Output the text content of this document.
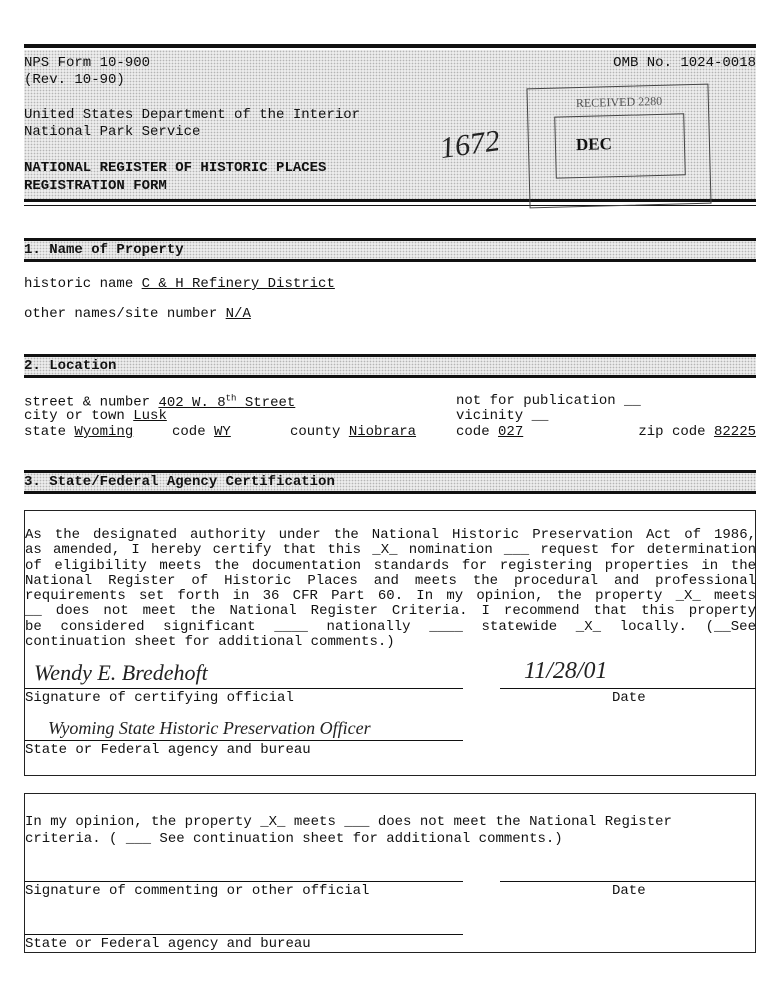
NPS Form 10-900
(Rev. 10-90)
OMB No. 1024-0018
United States Department of the Interior
National Park Service
NATIONAL REGISTER OF HISTORIC PLACES
REGISTRATION FORM
1672
RECEIVED 2280
DEC
1. Name of Property
historic name C & H Refinery District
other names/site number N/A
2. Location
street & number 402 W. 8th Street	not for publication __
city or town Lusk	vicinity __
state Wyoming	code WY	county Niobrara	code 027	zip code 82225
3. State/Federal Agency Certification
As the designated authority under the National Historic Preservation Act of 1986,
as amended, I hereby certify that this _X_ nomination ___ request for determination
of eligibility meets the documentation standards for registering properties in the
National Register of Historic Places and meets the procedural and professional
requirements set forth in 36 CFR Part 60. In my opinion, the property _X_ meets
__ does not meet the National Register Criteria. I recommend that this property
be considered significant ____ nationally ____ statewide _X_ locally. (__See
continuation sheet for additional comments.)
Wendy E. Bredehoft	11/28/01
Signature of certifying official	Date
Wyoming State Historic Preservation Officer
State or Federal agency and bureau
In my opinion, the property _X_ meets ___ does not meet the National Register
criteria. ( ___ See continuation sheet for additional comments.)
Signature of commenting or other official	Date
State or Federal agency and bureau
